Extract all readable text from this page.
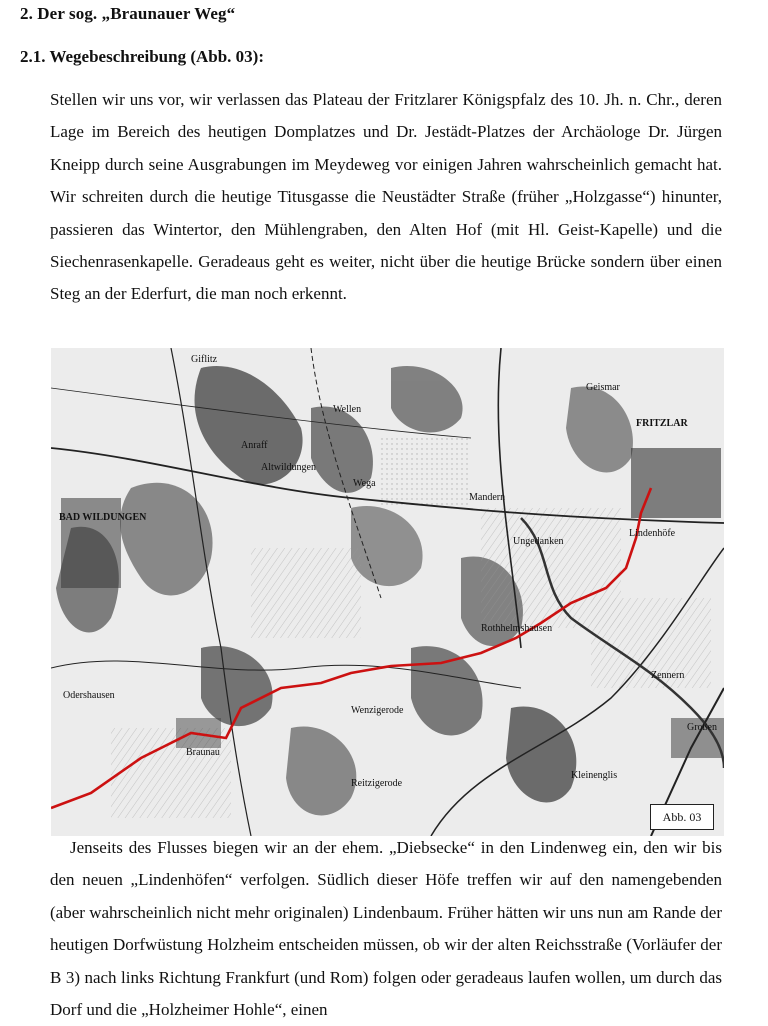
2. Der sog. „Braunauer Weg“
2.1. Wegebeschreibung (Abb. 03):

Stellen wir uns vor, wir verlassen das Plateau der Fritzlarer Königspfalz des 10. Jh. n. Chr., deren Lage im Bereich des heutigen Domplatzes und Dr. Jestädt-Platzes der Archäologe Dr. Jürgen Kneipp durch seine Ausgrabungen im Meydeweg vor einigen Jahren wahrscheinlich gemacht hat. Wir schreiten durch die heutige Titusgasse die Neustädter Straße (früher „Holzgasse“) hinunter, passieren das Wintertor, den Mühlengraben, den Alten Hof (mit Hl. Geist-Kapelle) und die Siechenrasenkapelle. Geradeaus geht es weiter, nicht über die heutige Brücke sondern über einen Steg an der Ederfurt, die man noch erkennt.

FRITZLAR
BAD WILDUNGEN
Wellen
Wega
Mandern
Ungedanken
Geismar
Lindenhöfe
Rothhelmshausen
Braunau
Odershausen
Wenzigerode
Reitzigerode
Altwildungen
Giflitz
Anraff
Großen
Kleinenglis
Zennern
Abb. 03

Jenseits des Flusses biegen wir an der ehem. „Diebsecke“ in den Lindenweg ein, den wir bis den neuen „Lindenhöfen“ verfolgen. Südlich dieser Höfe treffen wir auf den namengebenden (aber wahrscheinlich nicht mehr originalen) Lindenbaum. Früher hätten wir uns nun am Rande der heutigen Dorfwüstung Holzheim entscheiden müssen, ob wir der alten Reichsstraße (Vorläufer der B 3) nach links Richtung Frankfurt (und Rom) folgen oder geradeaus laufen wollen, um durch das Dorf und die „Holzheimer Hohle“, einen
